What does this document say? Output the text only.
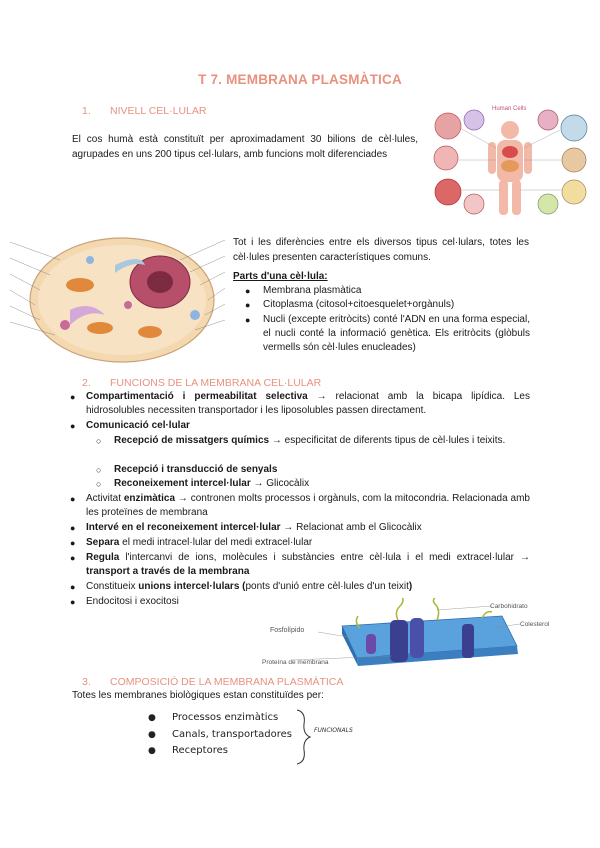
T 7. MEMBRANA PLASMÀTICA
1. NIVELL CEL·LULAR
El cos humà està constituït per aproximadament 30 bilions de cèl·lules, agrupades en uns 200 tipus cel·lulars, amb funcions molt diferenciades
Human Cells
Tot i les diferències entre els diversos tipus cel·lulars, totes les cèl·lules presenten característiques comuns.
Parts d'una cèl·lula:
●	Membrana plasmàtica
●	Citoplasma (citosol+citoesquelet+orgànuls)
●	Nucli (excepte eritròcits) conté l'ADN en una forma especial, el nucli conté la informació genètica. Els eritròcits (glòbuls vermells són cèl·lules enucleades)
2. FUNCIONS DE LA MEMBRANA CEL·LULAR
●	Compartimentació i permeabilitat selectiva → relacionat amb la bicapa lipídica. Les hidrosolubles necessiten transportador i les liposolubles passen directament.
●	Comunicació cel·lular
○	Recepció de missatgers químics → especificitat de diferents tipus de cèl·lules i teixits.
○	Recepció i transducció de senyals
○	Reconeixement intercel·lular → Glicocàlix
●	Activitat enzimàtica → contronen molts processos i orgànuls, com la mitocondria. Relacionada amb les proteïnes de membrana
●	Intervé en el reconeixement intercel·lular → Relacionat amb el Glicocàlix
●	Separa el medi intracel·lular del medi extracel·lular
●	Regula l'intercanvi de ions, molècules i substàncies entre cèl·lula i el medi extracel·lular → transport a través de la membrana
●	Constitueix unions intercel·lulars (ponts d'unió entre cèl·lules d'un teixit)
●	Endocitosi i exocitosi
Fosfolípido
Carbohidrato
Colesterol
Proteína de membrana
3. COMPOSICIÓ DE LA MEMBRANA PLASMÀTICA
Totes les membranes biològiques estan constituïdes per:
●	Processos enzimàtics
●	Canals, transportadores
●	Receptores
FUNCIONALS
